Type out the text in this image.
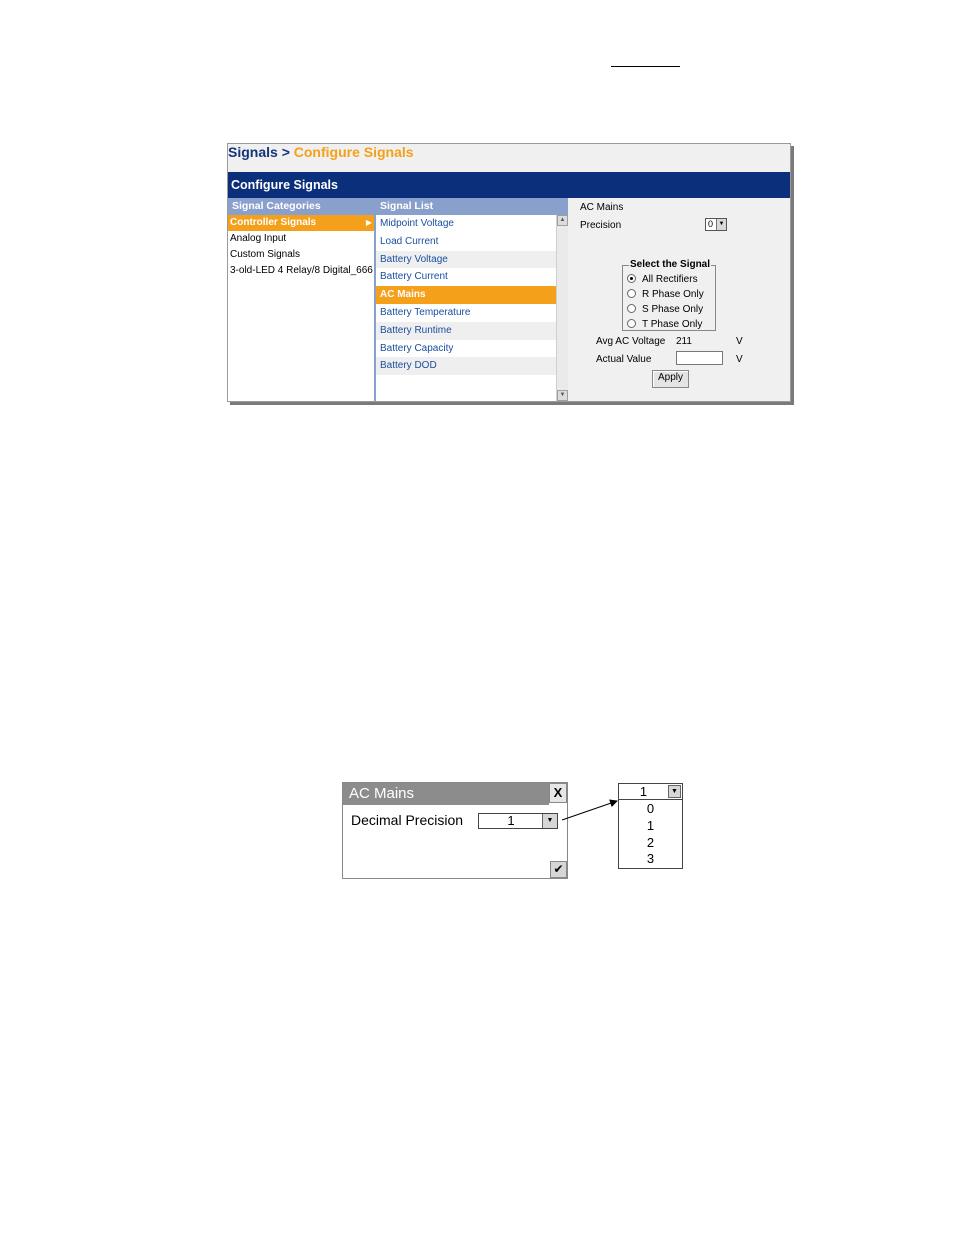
Signals > Configure Signals
Configure Signals
Signal Categories
Controller Signals	▶
Analog Input
Custom Signals
3-old-LED 4 Relay/8 Digital_666
Signal List
Midpoint Voltage
Load Current
Battery Voltage
Battery Current
AC Mains
Battery Temperature
Battery Runtime
Battery Capacity
Battery DOD
▲
▼
AC Mains
Precision	0 ▼
Select the Signal
All Rectifiers
R Phase Only
S Phase Only
T Phase Only
Avg AC Voltage 211	V
Actual Value	V
Apply
AC Mains	X
Decimal Precision	1	▼
✔
1	▼
0
1
2
3
